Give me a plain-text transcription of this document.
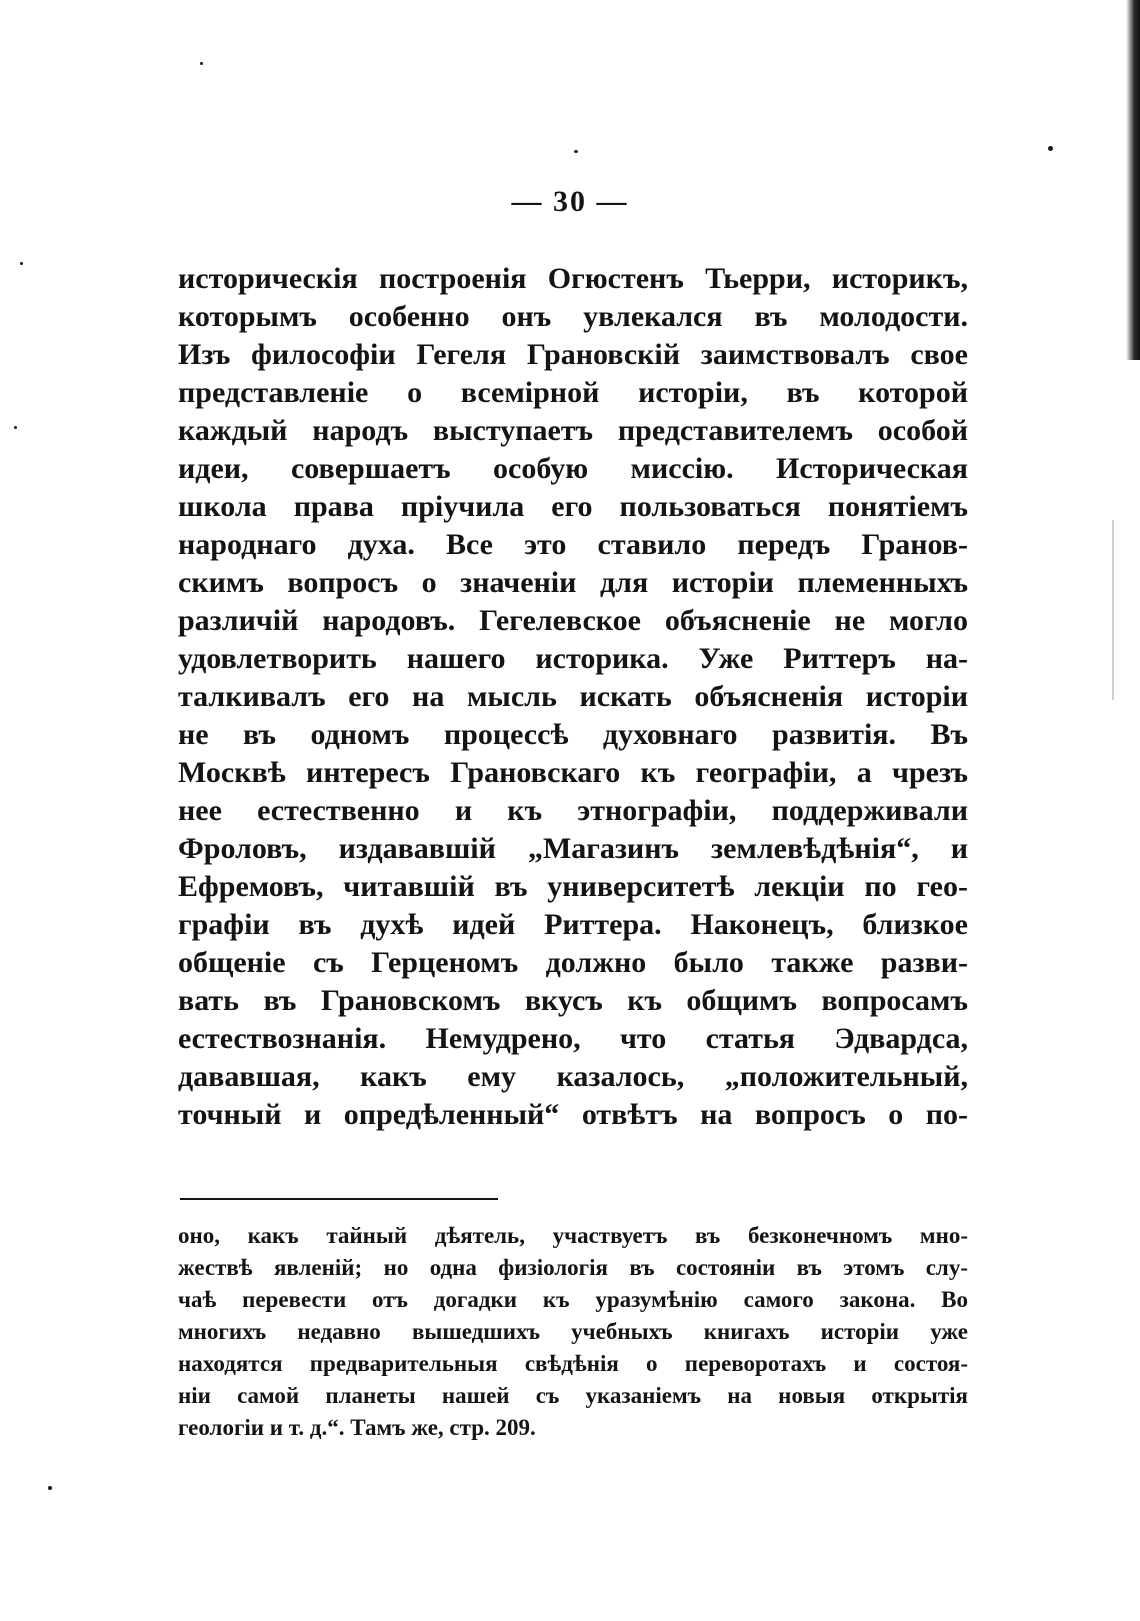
— 30 —
историческія построенія Огюстенъ Тьерри, историкъ,
которымъ особенно онъ увлекался въ молодости.
Изъ философіи Гегеля Грановскій заимствовалъ свое
представленіе о всемірной исторіи, въ которой
каждый народъ выступаетъ представителемъ особой
идеи, совершаетъ особую миссію. Историческая
школа права пріучила его пользоваться понятіемъ
народнаго духа. Все это ставило передъ Гранов-
скимъ вопросъ о значеніи для исторіи племенныхъ
различій народовъ. Гегелевское объясненіе не могло
удовлетворить нашего историка. Уже Риттеръ на-
талкивалъ его на мысль искать объясненія исторіи
не въ одномъ процессѣ духовнаго развитія. Въ
Москвѣ интересъ Грановскаго къ географіи, а чрезъ
нее естественно и къ этнографіи, поддерживали
Фроловъ, издававшій „Магазинъ землевѣдѣнія“, и
Ефремовъ, читавшій въ университетѣ лекціи по гео-
графіи въ духѣ идей Риттера. Наконецъ, близкое
общеніе съ Герценомъ должно было также разви-
вать въ Грановскомъ вкусъ къ общимъ вопросамъ
естествознанія. Немудрено, что статья Эдвардса,
дававшая, какъ ему казалось, „положительный,
точный и опредѣленный“ отвѣтъ на вопросъ о по-
оно, какъ тайный дѣятель, участвуетъ въ безконечномъ мно-
жествѣ явленій; но одна физіологія въ состояніи въ этомъ слу-
чаѣ перевести отъ догадки къ уразумѣнію самого закона. Во
многихъ недавно вышедшихъ учебныхъ книгахъ исторіи уже
находятся предварительныя свѣдѣнія о переворотахъ и состоя-
ніи самой планеты нашей съ указаніемъ на новыя открытія
геологіи и т. д.“. Тамъ же, стр. 209.
